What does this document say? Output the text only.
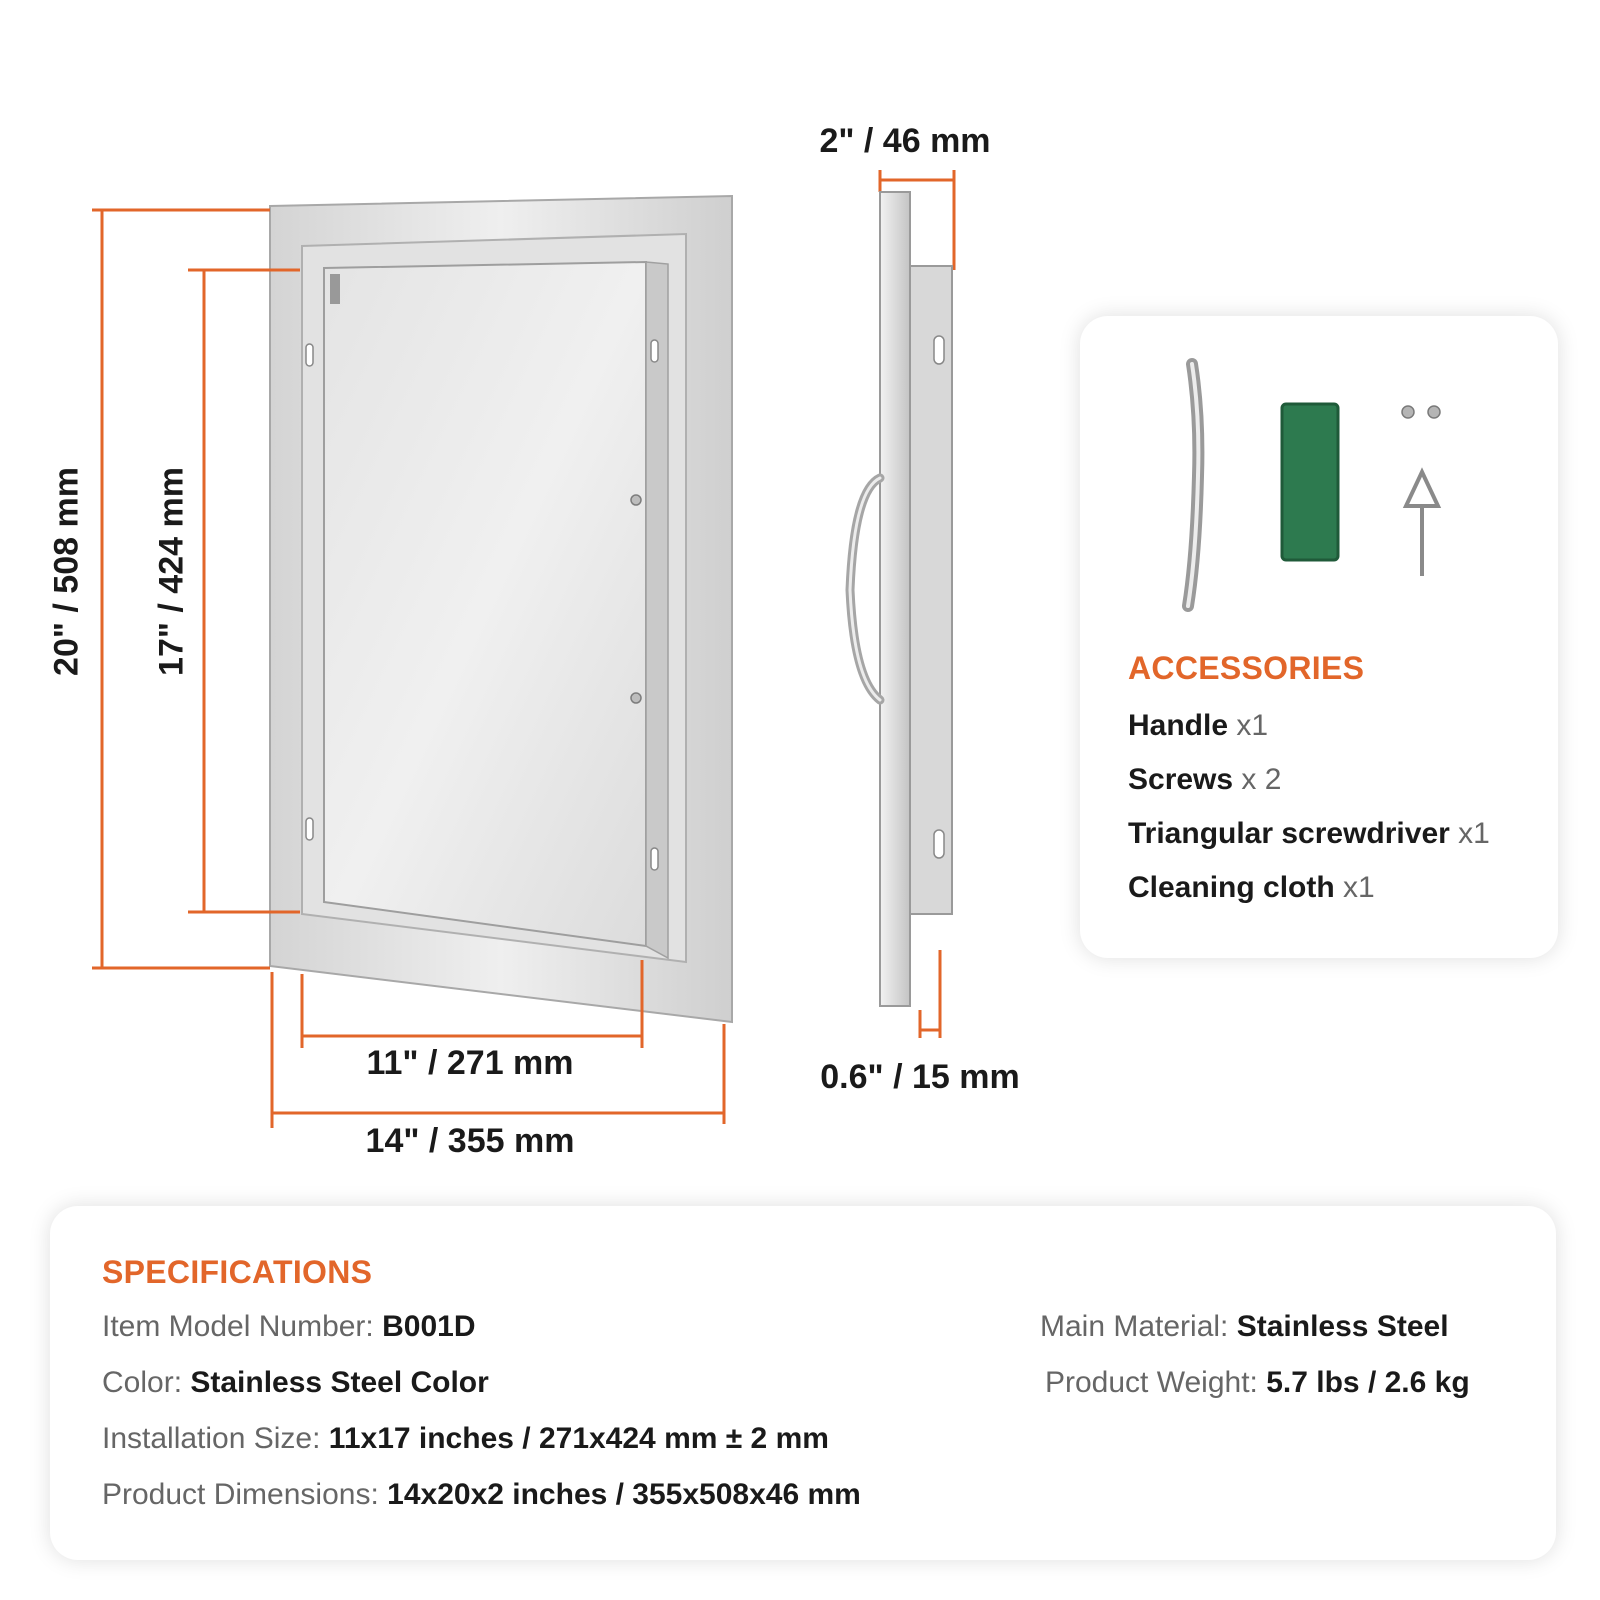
20" / 508 mm 17" / 424 mm
11" / 271 mm
14" / 355 mm
2" / 46 mm
0.6" / 15 mm
ACCESSORIES
Handle x1
Screws x 2
Triangular screwdriver x1
Cleaning cloth x1
SPECIFICATIONS
Item Model Number: B001D
Color: Stainless Steel Color
Installation Size: 11x17 inches / 271x424 mm ± 2 mm
Product Dimensions: 14x20x2 inches / 355x508x46 mm
Main Material: Stainless Steel
Product Weight: 5.7 lbs / 2.6 kg
